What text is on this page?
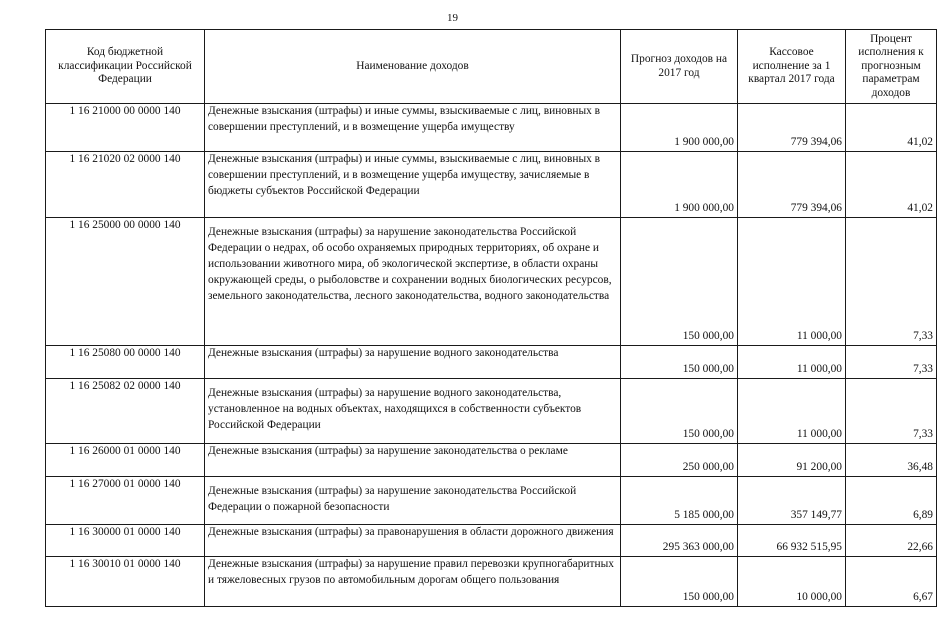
19
Код бюджетной классификации Российской Федерации	Наименование доходов	Прогноз доходов на 2017 год	Кассовое исполнение за 1 квартал 2017 года	Процент исполнения к прогнозным параметрам доходов
1 16 21000 00 0000 140	Денежные взыскания (штрафы) и иные суммы, взыскиваемые с лиц, виновных в совершении преступлений, и в возмещение ущерба имуществу	1 900 000,00	779 394,06	41,02
1 16 21020 02 0000 140	Денежные взыскания (штрафы) и иные суммы, взыскиваемые с лиц, виновных в совершении преступлений, и в возмещение ущерба имуществу, зачисляемые в бюджеты субъектов Российской Федерации	1 900 000,00	779 394,06	41,02
1 16 25000 00 0000 140	Денежные взыскания (штрафы) за нарушение законодательства Российской Федерации о недрах, об особо охраняемых природных территориях, об охране и использовании животного мира, об экологической экспертизе, в области охраны окружающей среды, о рыболовстве и сохранении водных биологических ресурсов, земельного законодательства, лесного законодательства, водного законодательства	150 000,00	11 000,00	7,33
1 16 25080 00 0000 140	Денежные взыскания (штрафы) за нарушение водного законодательства	150 000,00	11 000,00	7,33
1 16 25082 02 0000 140	Денежные взыскания (штрафы) за нарушение водного законодательства, установленное на водных объектах, находящихся в собственности субъектов Российской Федерации	150 000,00	11 000,00	7,33
1 16 26000 01 0000 140	Денежные взыскания (штрафы) за нарушение законодательства о рекламе	250 000,00	91 200,00	36,48
1 16 27000 01 0000 140	Денежные взыскания (штрафы) за нарушение законодательства Российской Федерации о пожарной безопасности	5 185 000,00	357 149,77	6,89
1 16 30000 01 0000 140	Денежные взыскания (штрафы) за правонарушения в области дорожного движения	295 363 000,00	66 932 515,95	22,66
1 16 30010 01 0000 140	Денежные взыскания (штрафы) за нарушение правил перевозки крупногабаритных и тяжеловесных грузов по автомобильным дорогам общего пользования	150 000,00	10 000,00	6,67
